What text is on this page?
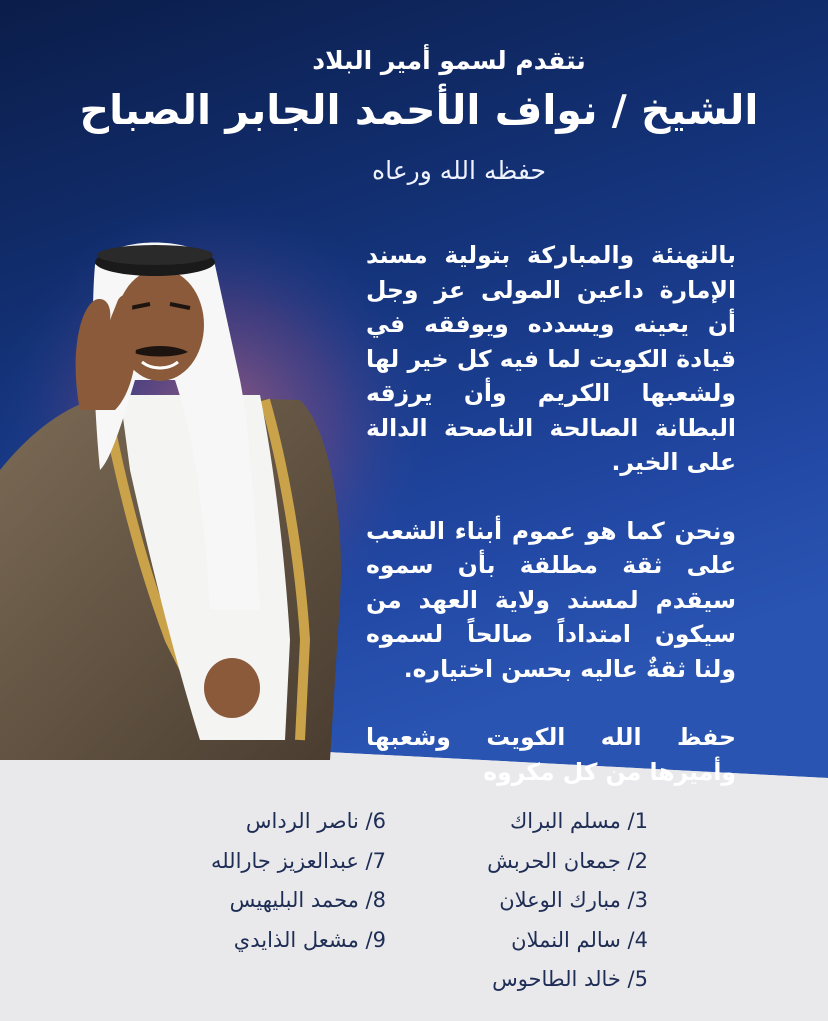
نتقدم لسمو أمير البلاد
الشيخ / نواف الأحمد الجابر الصباح
حفظه الله ورعاه

بالتهنئة والمباركة بتولية مسند الإمارة داعين المولى عز وجل أن يعينه ويسدده ويوفقه في قيادة الكويت لما فيه كل خير لها ولشعبها الكريم وأن يرزقه البطانة الصالحة الناصحة الدالة على الخير.

ونحن كما هو عموم أبناء الشعب على ثقة مطلقة بأن سموه سيقدم لمسند ولاية العهد من سيكون امتداداً صالحاً لسموه ولنا ثقةٌ عاليه بحسن اختياره.

حفظ الله الكويت وشعبها وأميرها من كل مكروه

1/ مسلم البراك
2/ جمعان الحربش
3/ مبارك الوعلان
4/ سالم النملان
5/ خالد الطاحوس
6/ ناصر الرداس
7/ عبدالعزيز جارالله
8/ محمد البليهيس
9/ مشعل الذايدي
